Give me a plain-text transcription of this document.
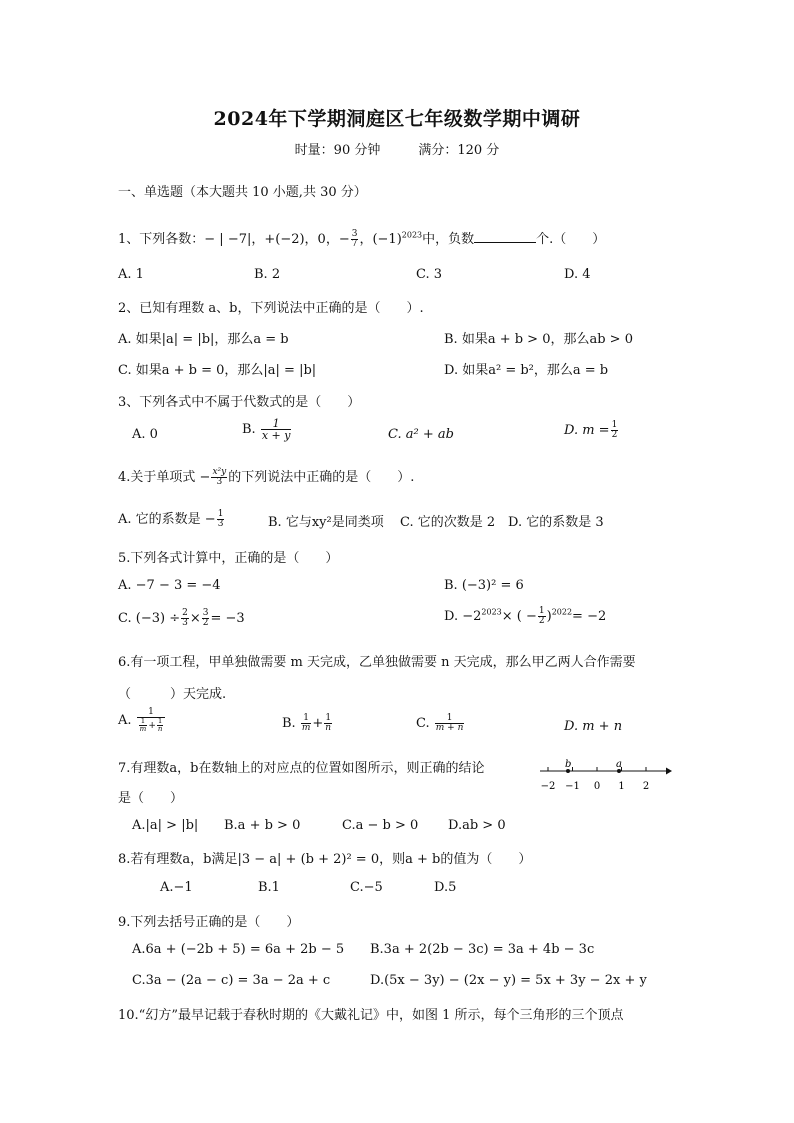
2024年下学期洞庭区七年级数学期中调研
时量：90 分钟	满分：120 分
一、单选题（本大题共 10 小题,共 30 分）
1、下列各数：− | −7|，+(−2)，0，− $\frac{3}{7}$ ，$(-1)^{2023}$中，负数	个.（　　）
A. 1	B. 2	C. 3	D. 4
2、已知有理数 a、b，下列说法中正确的是（　　）.
A. 如果|a| = |b|，那么a = b	B. 如果a + b > 0，那么ab > 0
C. 如果a + b = 0，那么|a| = |b|	D. 如果a² = b²，那么a = b
3、下列各式中不属于代数式的是（　　）
A. 0	B. $\frac{1}{x + y}$	C. a² + ab	D. $m = \frac{1}{2}$
4.关于单项式 − $\frac{\text{x²y}}{3}$ 的下列说法中正确的是（　　）.
A. 它的系数是 − $\frac{1}{3}$	B. 它与xy²是同类项 C. 它的次数是 2 D. 它的系数是 3
5.下列各式计算中，正确的是（　　）
A. −7 − 3 = −4	B. (−3)² = 6
C. $(-3) \div \frac{2}{3} \times \frac{3}{2} = -3$	D. $-2^{2023}\times$ ( − $\frac{1}{2} )^{2022}= -2$
6.有一项工程，甲单独做需要 m 天完成，乙单独做需要 n 天完成，那么甲乙两人合作需要
（　　　）天完成.
A. $\frac{1}{\frac{1}{m} + \frac{1}{n}}$	B. $\frac{1}{m} + \frac{1}{n}$	C. $\frac{1}{m + n}$	D. m + n
7.有理数a，b在数轴上的对应点的位置如图所示，则正确的结论
是（　　）
−2 −1 0 1 2
b	a
A.|a| > |b| B.a + b > 0	C.a − b > 0 D.ab > 0
8.若有理数a，b满足|3 − a| + (b + 2)² = 0，则a + b的值为（　　）
A.−1	B.1	C.−5	D.5
9.下列去括号正确的是（　　）
A.6a + (−2b + 5) = 6a + 2b − 5 B.3a + 2(2b − 3c) = 3a + 4b − 3c
C.3a − (2a − c) = 3a − 2a + c	D.(5x − 3y) − (2x − y) = 5x + 3y − 2x + y
10.“幻方”最早记载于春秋时期的《大戴礼记》中，如图 1 所示，每个三角形的三个顶点
